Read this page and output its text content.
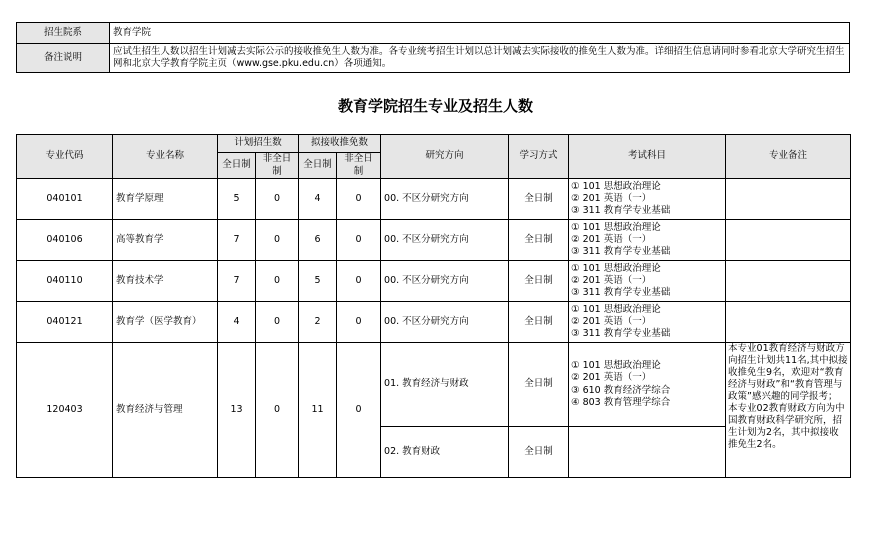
招生院系	教育学院
备注说明	应试生招生人数以招生计划减去实际公示的接收推免生人数为准。各专业统考招生计划以总计划减去实际接收的推免生人数为准。详细招生信息请同时参看北京大学研究生招生网和北京大学教育学院主页（www.gse.pku.edu.cn）各项通知。
教育学院招生专业及招生人数
专业代码	专业名称	计划招生数		拟接收推免数		研究方向	学习方式	考试科目	专业备注
		全日制	非全日制	全日制	非全日制				
040101	教育学原理	5	0	4	0	00. 不区分研究方向	全日制	① 101 思想政治理论
② 201 英语（一）
③ 311 教育学专业基础	

040106	高等教育学	7	0	6	0	00. 不区分研究方向	全日制	① 101 思想政治理论
② 201 英语（一）
③ 311 教育学专业基础	

040110	教育技术学	7	0	5	0	00. 不区分研究方向	全日制	① 101 思想政治理论
② 201 英语（一）
③ 311 教育学专业基础	

040121	教育学（医学教育）	4	0	2	0	00. 不区分研究方向	全日制	① 101 思想政治理论
② 201 英语（一）
③ 311 教育学专业基础	

120403	教育经济与管理	13	0	11	0	01. 教育经济与财政	全日制	① 101 思想政治理论
② 201 英语（一）
③ 610 教育经济学综合
④ 803 教育管理学综合	本专业01教育经济与财政方向招生计划共11名,其中拟接收推免生9名，欢迎对“教育经济与财政”和“教育管理与政策”感兴趣的同学报考；
本专业02教育财政方向为中国教育财政科学研究所，招生计划为2名，其中拟接收推免生2名。

						02. 教育财政	全日制		
